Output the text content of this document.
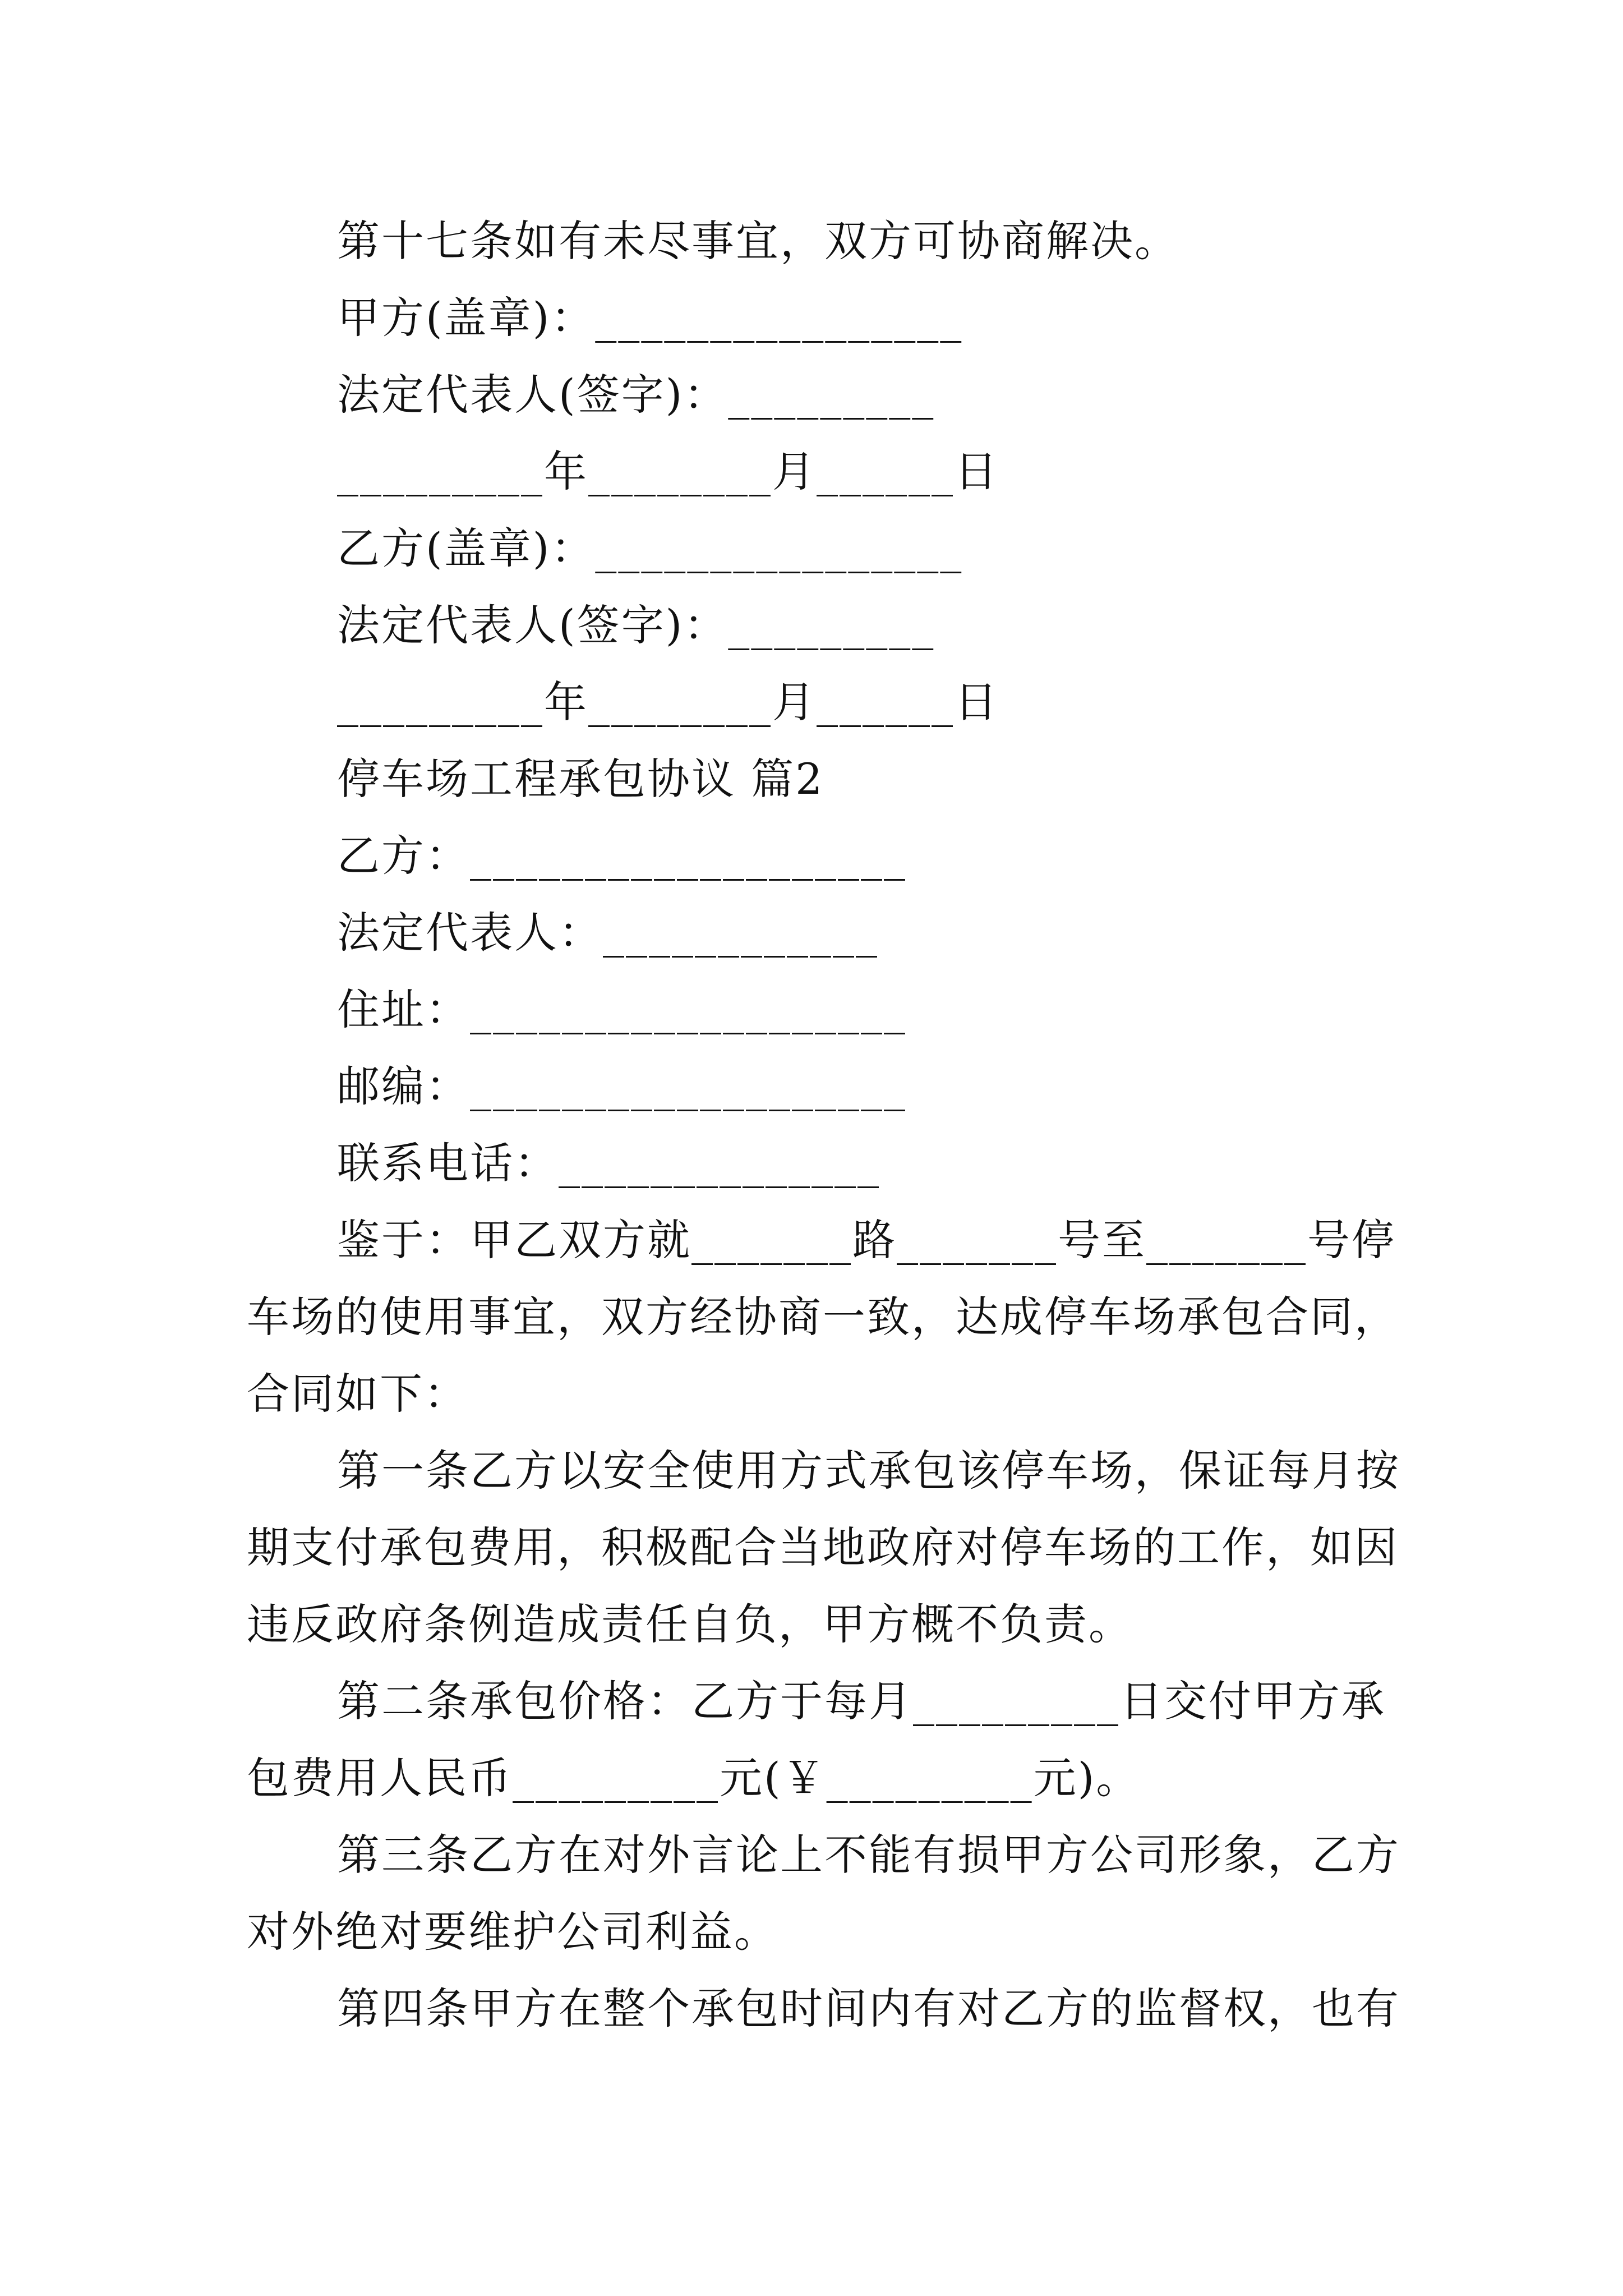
第十七条如有未尽事宜，双方可协商解决。
甲方(盖章)：________________
法定代表人(签字)：_________
_________年________月______日
乙方(盖章)：________________
法定代表人(签字)：_________
_________年________月______日
停车场工程承包协议 篇2
乙方：___________________
法定代表人：____________
住址：___________________
邮编：___________________
联系电话：______________
鉴于：甲乙双方就_______路_______号至_______号停
车场的使用事宜，双方经协商一致，达成停车场承包合同，
合同如下：
第一条乙方以安全使用方式承包该停车场，保证每月按
期支付承包费用，积极配合当地政府对停车场的工作，如因
违反政府条例造成责任自负，甲方概不负责。
第二条承包价格：乙方于每月_________日交付甲方承
包费用人民币_________元(￥_________元)。
第三条乙方在对外言论上不能有损甲方公司形象，乙方
对外绝对要维护公司利益。
第四条甲方在整个承包时间内有对乙方的监督权，也有
